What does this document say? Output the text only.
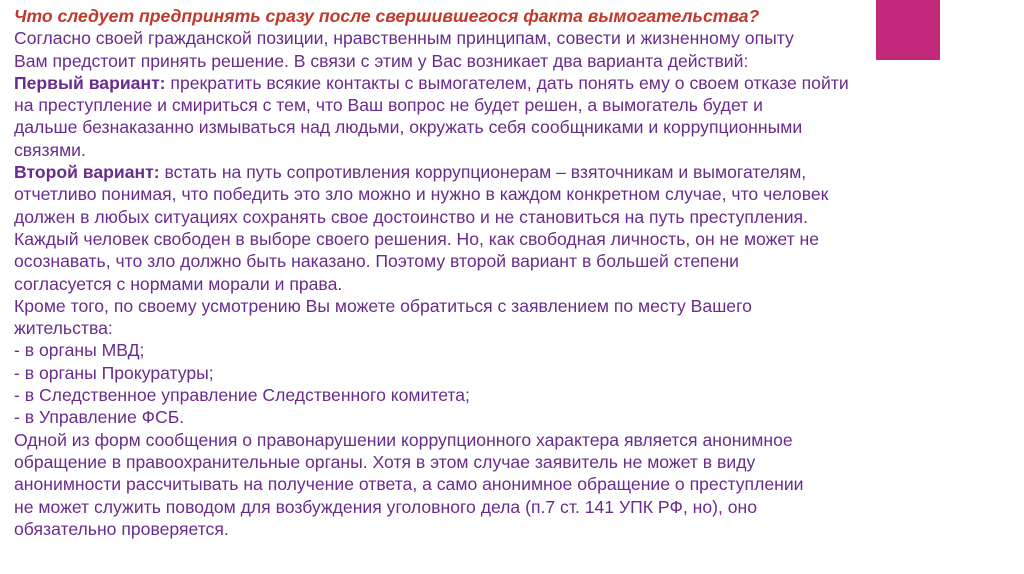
Что следует предпринять сразу после свершившегося факта вымогательства?

Согласно своей гражданской позиции, нравственным принципам, совести и жизненному опыту

Вам предстоит принять решение. В связи с этим у Вас возникает два варианта действий:

Первый вариант: прекратить всякие контакты с вымогателем, дать понять ему о своем отказе пойти

на преступление и смириться с тем, что Ваш вопрос не будет решен, а вымогатель будет и

дальше безнаказанно измываться над людьми, окружать себя сообщниками и коррупционными

связями.

Второй вариант: встать на путь сопротивления коррупционерам – взяточникам и вымогателям,

отчетливо понимая, что победить это зло можно и нужно в каждом конкретном случае, что человек

должен в любых ситуациях сохранять свое достоинство и не становиться на путь преступления.

Каждый человек свободен в выборе своего решения. Но, как свободная личность, он не может не

осознавать, что зло должно быть наказано. Поэтому второй вариант в большей степени

согласуется с нормами морали и права.

Кроме того, по своему усмотрению Вы можете обратиться с заявлением по месту Вашего

жительства:

- в органы МВД;

- в органы Прокуратуры;

- в Следственное управление Следственного комитета;

- в Управление ФСБ.

Одной из форм сообщения о правонарушении коррупционного характера является анонимное

обращение в правоохранительные органы. Хотя в этом случае заявитель не может в виду

анонимности рассчитывать на получение ответа, а само анонимное обращение о преступлении

не может служить поводом для возбуждения уголовного дела (п.7 ст. 141 УПК РФ, но), оно

обязательно проверяется.
